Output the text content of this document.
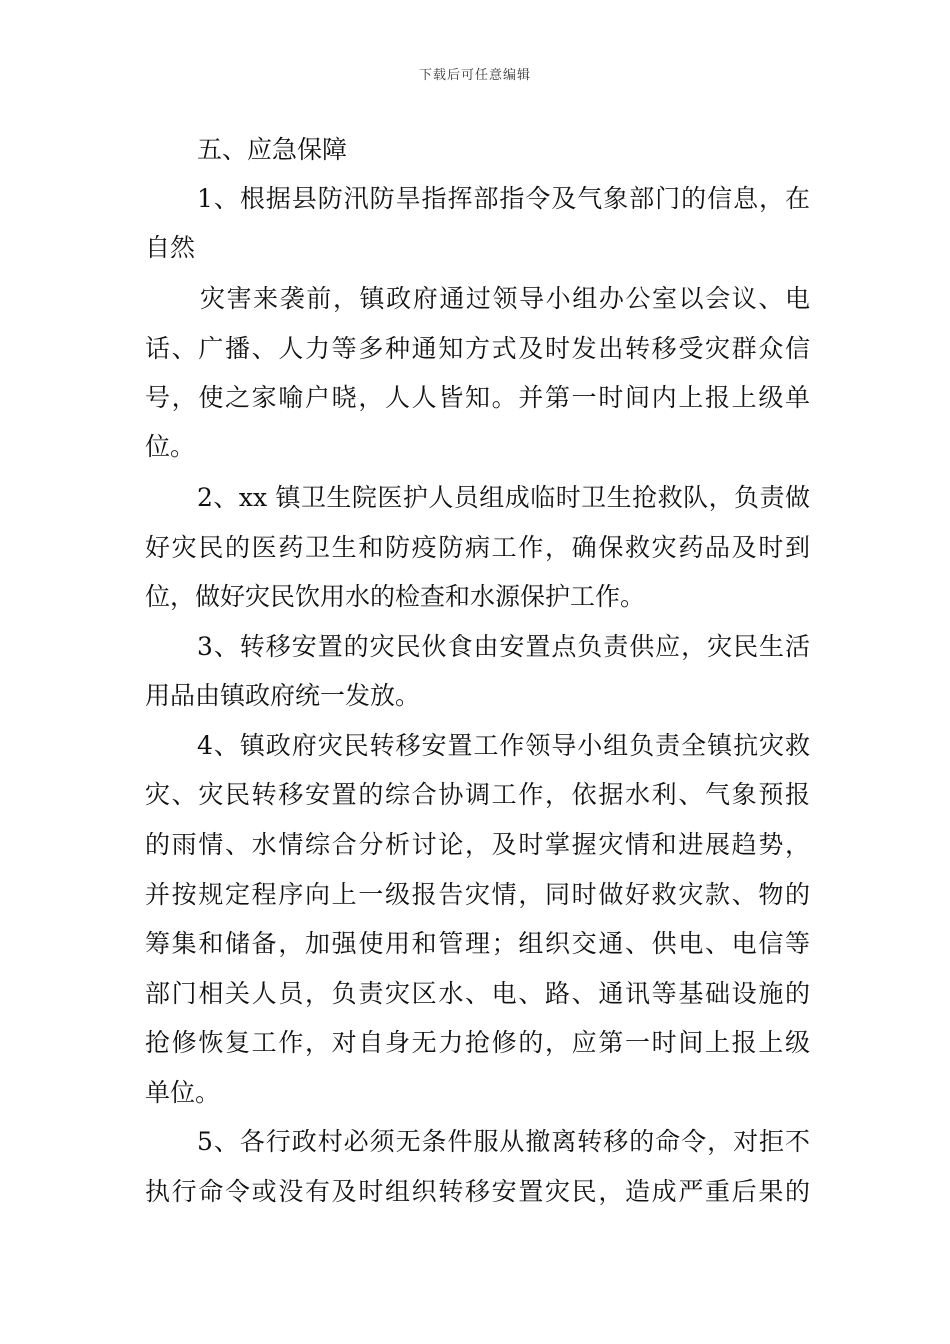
下载后可任意编辑
五、应急保障
1、根据县防汛防旱指挥部指令及气象部门的信息，在
自然
灾害来袭前，镇政府通过领导小组办公室以会议、电
话、广播、人力等多种通知方式及时发出转移受灾群众信
号，使之家喻户晓，人人皆知。并第一时间内上报上级单
位。
2、xx 镇卫生院医护人员组成临时卫生抢救队，负责做
好灾民的医药卫生和防疫防病工作，确保救灾药品及时到
位，做好灾民饮用水的检查和水源保护工作。
3、转移安置的灾民伙食由安置点负责供应，灾民生活
用品由镇政府统一发放。
4、镇政府灾民转移安置工作领导小组负责全镇抗灾救
灾、灾民转移安置的综合协调工作，依据水利、气象预报
的雨情、水情综合分析讨论，及时掌握灾情和进展趋势，
并按规定程序向上一级报告灾情，同时做好救灾款、物的
筹集和储备，加强使用和管理；组织交通、供电、电信等
部门相关人员，负责灾区水、电、路、通讯等基础设施的
抢修恢复工作，对自身无力抢修的，应第一时间上报上级
单位。
5、各行政村必须无条件服从撤离转移的命令，对拒不
执行命令或没有及时组织转移安置灾民，造成严重后果的
